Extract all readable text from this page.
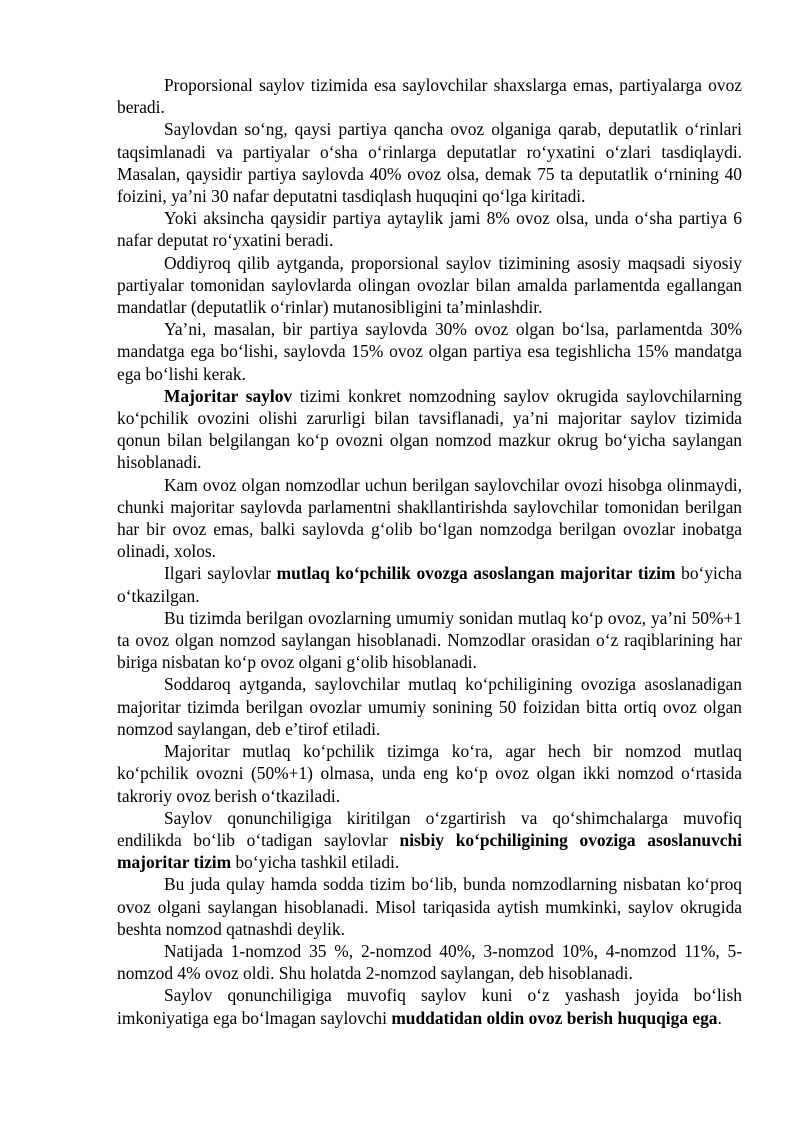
Proporsional saylov tizimida esa saylovchilar shaxslarga emas, partiyalarga ovoz beradi.

Saylovdan so‘ng, qaysi partiya qancha ovoz olganiga qarab, deputatlik o‘rinlari taqsimlanadi va partiyalar o‘sha o‘rinlarga deputatlar ro‘yxatini o‘zlari tasdiqlaydi. Masalan, qaysidir partiya saylovda 40% ovoz olsa, demak 75 ta deputatlik o‘rnining 40 foizini, ya’ni 30 nafar deputatni tasdiqlash huquqini qo‘lga kiritadi.

Yoki aksincha qaysidir partiya aytaylik jami 8% ovoz olsa, unda o‘sha partiya 6 nafar deputat ro‘yxatini beradi.

Oddiyroq qilib aytganda, proporsional saylov tizimining asosiy maqsadi siyosiy partiyalar tomonidan saylovlarda olingan ovozlar bilan amalda parlamentda egallangan mandatlar (deputatlik o‘rinlar) mutanosibligini ta’minlashdir.

Ya’ni, masalan, bir partiya saylovda 30% ovoz olgan bo‘lsa, parlamentda 30% mandatga ega bo‘lishi, saylovda 15% ovoz olgan partiya esa tegishlicha 15% mandatga ega bo‘lishi kerak.

Majoritar saylov tizimi konkret nomzodning saylov okrugida saylovchilarning ko‘pchilik ovozini olishi zarurligi bilan tavsiflanadi, ya’ni majoritar saylov tizimida qonun bilan belgilangan ko‘p ovozni olgan nomzod mazkur okrug bo‘yicha saylangan hisoblanadi.

Kam ovoz olgan nomzodlar uchun berilgan saylovchilar ovozi hisobga olinmaydi, chunki majoritar saylovda parlamentni shakllantirishda saylovchilar tomonidan berilgan har bir ovoz emas, balki saylovda g‘olib bo‘lgan nomzodga berilgan ovozlar inobatga olinadi, xolos.

Ilgari saylovlar mutlaq ko‘pchilik ovozga asoslangan majoritar tizim bo‘yicha o‘tkazilgan.

Bu tizimda berilgan ovozlarning umumiy sonidan mutlaq ko‘p ovoz, ya’ni 50%+1 ta ovoz olgan nomzod saylangan hisoblanadi. Nomzodlar orasidan o‘z raqiblarining har biriga nisbatan ko‘p ovoz olgani g‘olib hisoblanadi.

Soddaroq aytganda, saylovchilar mutlaq ko‘pchiligining ovoziga asoslanadigan majoritar tizimda berilgan ovozlar umumiy sonining 50 foizidan bitta ortiq ovoz olgan nomzod saylangan, deb e’tirof etiladi.

Majoritar mutlaq ko‘pchilik tizimga ko‘ra, agar hech bir nomzod mutlaq ko‘pchilik ovozni (50%+1) olmasa, unda eng ko‘p ovoz olgan ikki nomzod o‘rtasida takroriy ovoz berish o‘tkaziladi.

Saylov qonunchiligiga kiritilgan o‘zgartirish va qo‘shimchalarga muvofiq endilikda bo‘lib o‘tadigan saylovlar nisbiy ko‘pchiligining ovoziga asoslanuvchi majoritar tizim bo‘yicha tashkil etiladi.

Bu juda qulay hamda sodda tizim bo‘lib, bunda nomzodlarning nisbatan ko‘proq ovoz olgani saylangan hisoblanadi. Misol tariqasida aytish mumkinki, saylov okrugida beshta nomzod qatnashdi deylik.

Natijada 1-nomzod 35 %, 2-nomzod 40%, 3-nomzod 10%, 4-nomzod 11%, 5-nomzod 4% ovoz oldi. Shu holatda 2-nomzod saylangan, deb hisoblanadi.

Saylov qonunchiligiga muvofiq saylov kuni o‘z yashash joyida bo‘lish imkoniyatiga ega bo‘lmagan saylovchi muddatidan oldin ovoz berish huquqiga ega.
